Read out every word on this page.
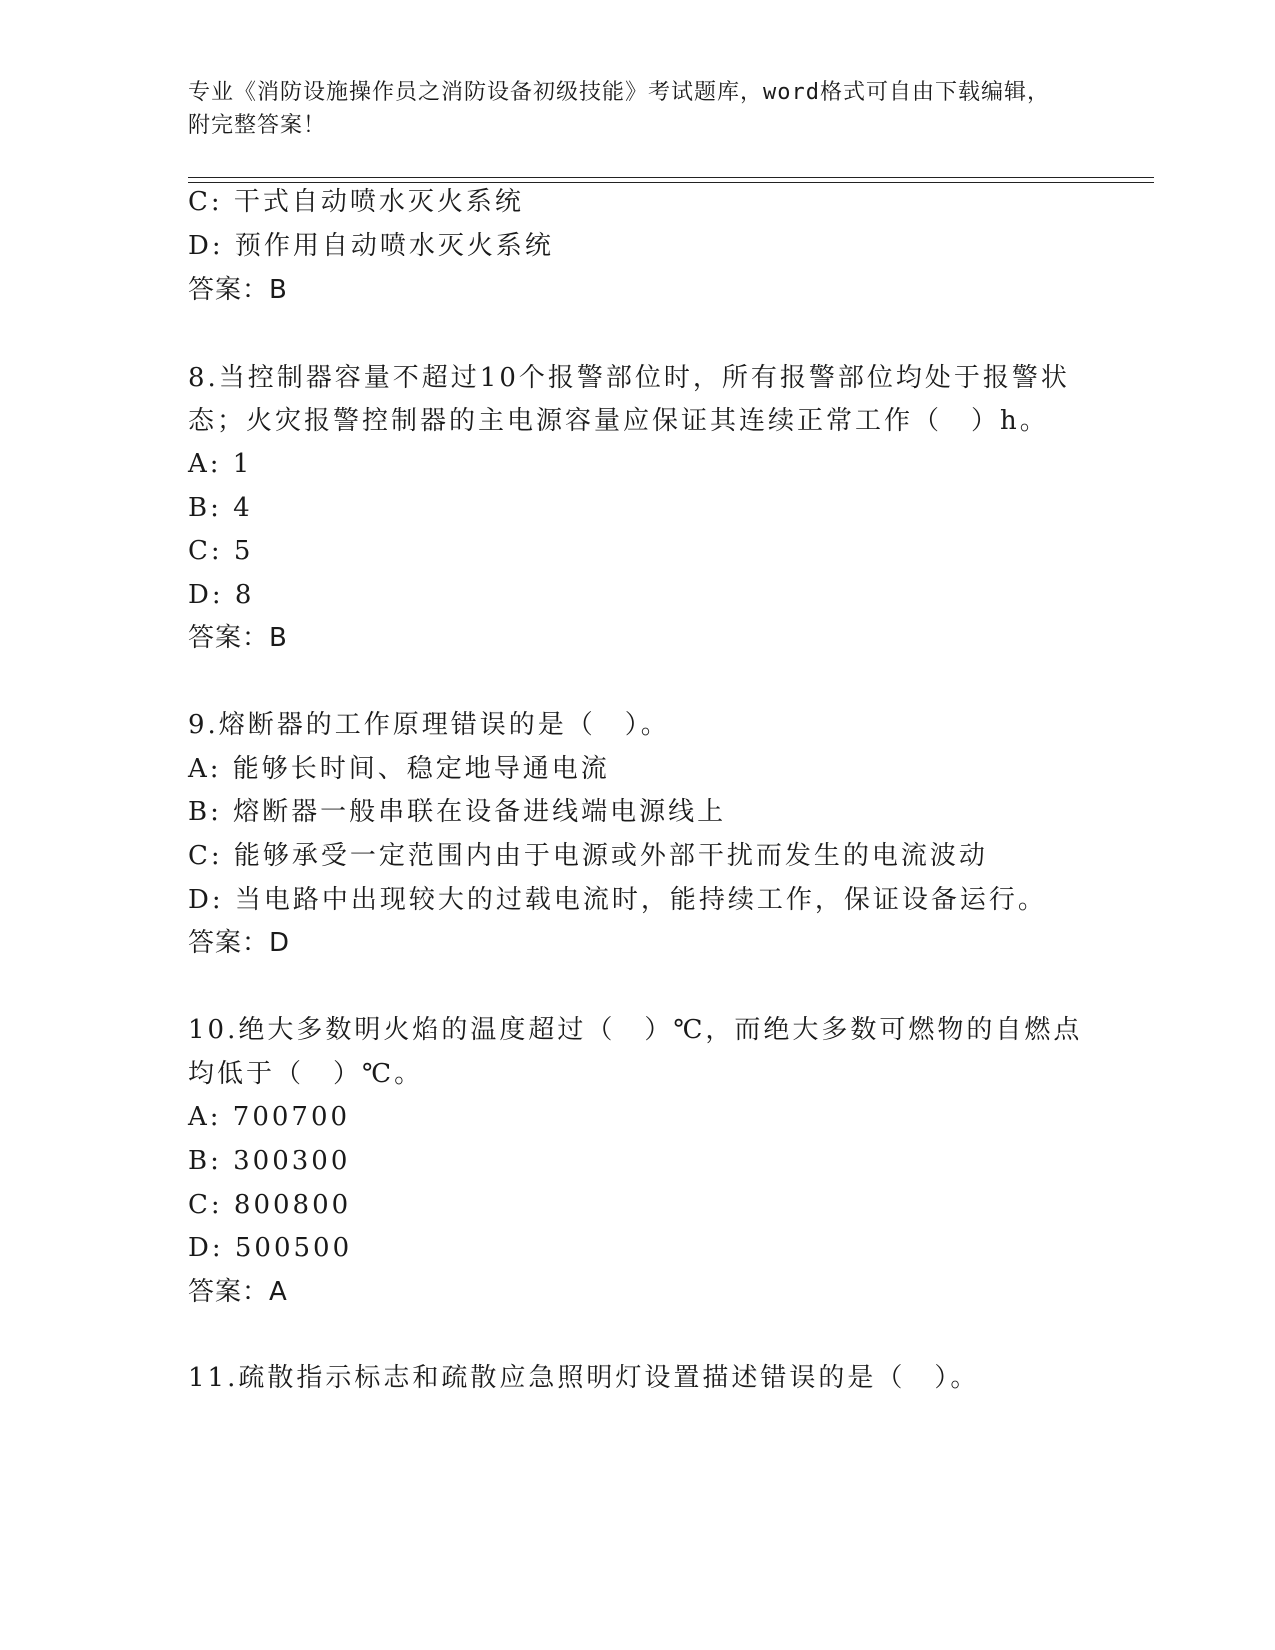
专业《消防设施操作员之消防设备初级技能》考试题库，word格式可自由下载编辑，附完整答案！
C: 干式自动喷水灭火系统
D: 预作用自动喷水灭火系统
答案：B
8.当控制器容量不超过10个报警部位时，所有报警部位均处于报警状
态；火灾报警控制器的主电源容量应保证其连续正常工作（　）h。
A: 1
B: 4
C: 5
D: 8
答案：B
9.熔断器的工作原理错误的是（　）。
A: 能够长时间、稳定地导通电流
B: 熔断器一般串联在设备进线端电源线上
C: 能够承受一定范围内由于电源或外部干扰而发生的电流波动
D: 当电路中出现较大的过载电流时，能持续工作，保证设备运行。
答案：D
10.绝大多数明火焰的温度超过（　）℃，而绝大多数可燃物的自燃点
均低于（　）℃。
A: 700700
B: 300300
C: 800800
D: 500500
答案：A
11.疏散指示标志和疏散应急照明灯设置描述错误的是（　）。
